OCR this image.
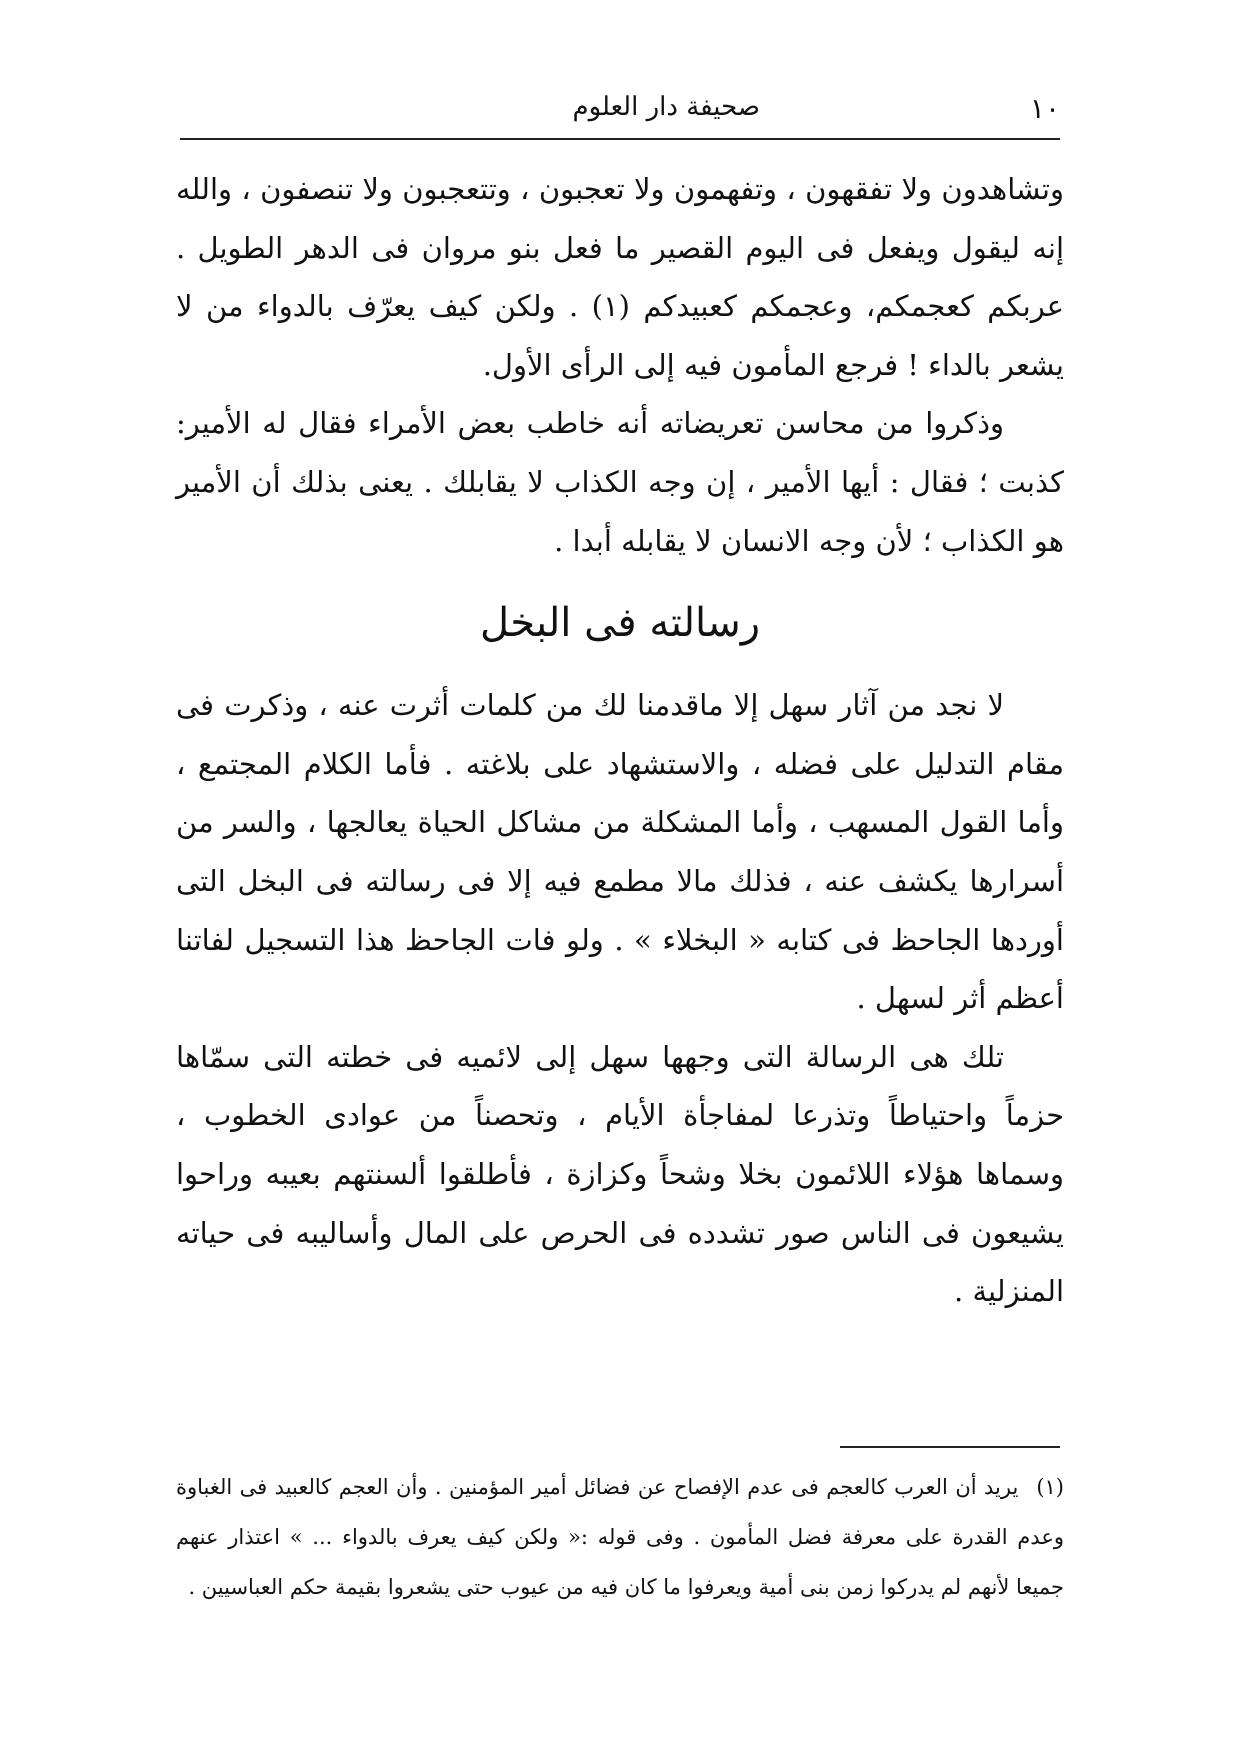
صحيفة دار العلوم	١٠

وتشاهدون ولا تفقهون ، وتفهمون ولا تعجبون ، وتتعجبون ولا تنصفون ، والله إنه ليقول ويفعل فى اليوم القصير ما فعل بنو مروان فى الدهر الطويل . عربكم كعجمكم، وعجمكم كعبيدكم (١) . ولكن كيف يعرّف بالدواء من لا يشعر بالداء ! فرجع المأمون فيه إلى الرأى الأول.

وذكروا من محاسن تعريضاته أنه خاطب بعض الأمراء فقال له الأمير: كذبت ؛ فقال : أيها الأمير ، إن وجه الكذاب لا يقابلك . يعنى بذلك أن الأمير هو الكذاب ؛ لأن وجه الانسان لا يقابله أبدا .

رسالته فى البخل

لا نجد من آثار سهل إلا ماقدمنا لك من كلمات أثرت عنه ، وذكرت فى مقام التدليل على فضله ، والاستشهاد على بلاغته . فأما الكلام المجتمع ، وأما القول المسهب ، وأما المشكلة من مشاكل الحياة يعالجها ، والسر من أسرارها يكشف عنه ، فذلك مالا مطمع فيه إلا فى رسالته فى البخل التى أوردها الجاحظ فى كتابه « البخلاء » . ولو فات الجاحظ هذا التسجيل لفاتنا أعظم أثر لسهل .

تلك هى الرسالة التى وجهها سهل إلى لائميه فى خطته التى سمّاها حزماً واحتياطاً وتذرعا لمفاجأة الأيام ، وتحصناً من عوادى الخطوب ، وسماها هؤلاء اللائمون بخلا وشحاً وكزازة ، فأطلقوا ألسنتهم بعيبه وراحوا يشيعون فى الناس صور تشدده فى الحرص على المال وأساليبه فى حياته المنزلية .

(١)يريد أن العرب كالعجم فى عدم الإفصاح عن فضائل أمير المؤمنين . وأن العجم كالعبيد فى الغباوة وعدم القدرة على معرفة فضل المأمون . وفى قوله :« ولكن كيف يعرف بالدواء ... » اعتذار عنهم جميعا لأنهم لم يدركوا زمن بنى أمية ويعرفوا ما كان فيه من عيوب حتى يشعروا بقيمة حكم العباسيين .
